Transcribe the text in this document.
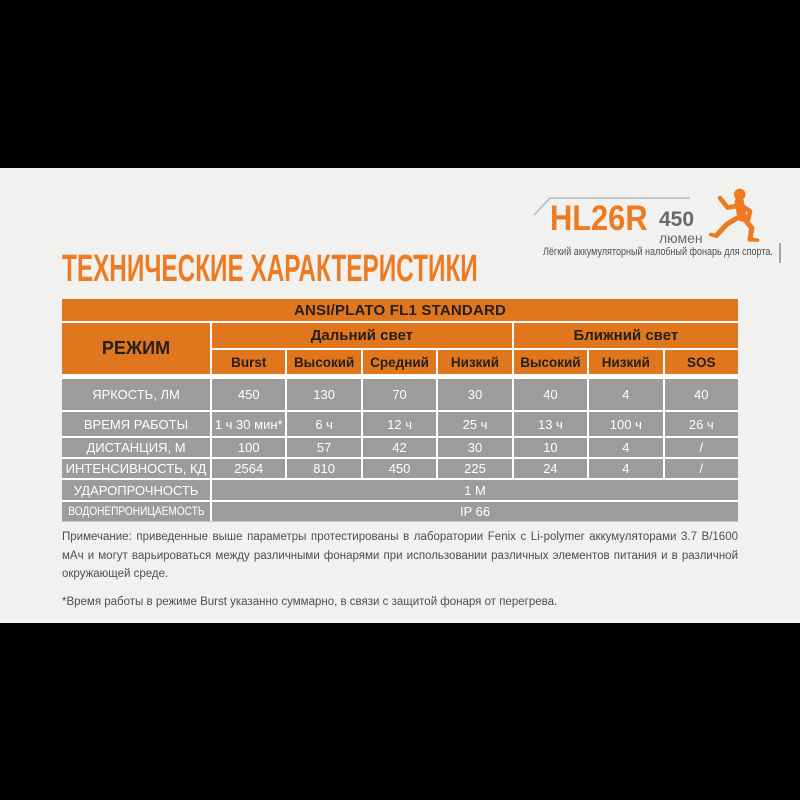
HL26R 450
люмен
Лёгкий аккумуляторный налобный фонарь для спорта.
ТЕХНИЧЕСКИЕ ХАРАКТЕРИСТИКИ
ANSI/PLATO FL1 STANDARD
РЕЖИМ
Дальний свет	Ближний свет
Burst	Высокий	Средний	Низкий	Высокий	Низкий	SOS
ЯРКОСТЬ, ЛМ	450	130	70	30	40	4	40
ВРЕМЯ РАБОТЫ	1 ч 30 мин*	6 ч	12 ч	25 ч	13 ч	100 ч	26 ч
ДИСТАНЦИЯ, М	100	57	42	30	10	4	/
ИНТЕНСИВНОСТЬ, КД	2564	810	450	225	24	4	/
УДАРОПРОЧНОСТЬ	1 М
ВОДОНЕПРОНИЦАЕМОСТЬ	IP 66

Примечание: приведенные выше параметры протестированы в лаборатории Fenix с Li-polymer аккумуляторами 3.7 В/1600 мАч и могут варьироваться между различными фонарями при использовании различных элементов питания и в различной окружающей среде.

*Время работы в режиме Burst указанно суммарно, в связи с защитой фонаря от перегрева.
